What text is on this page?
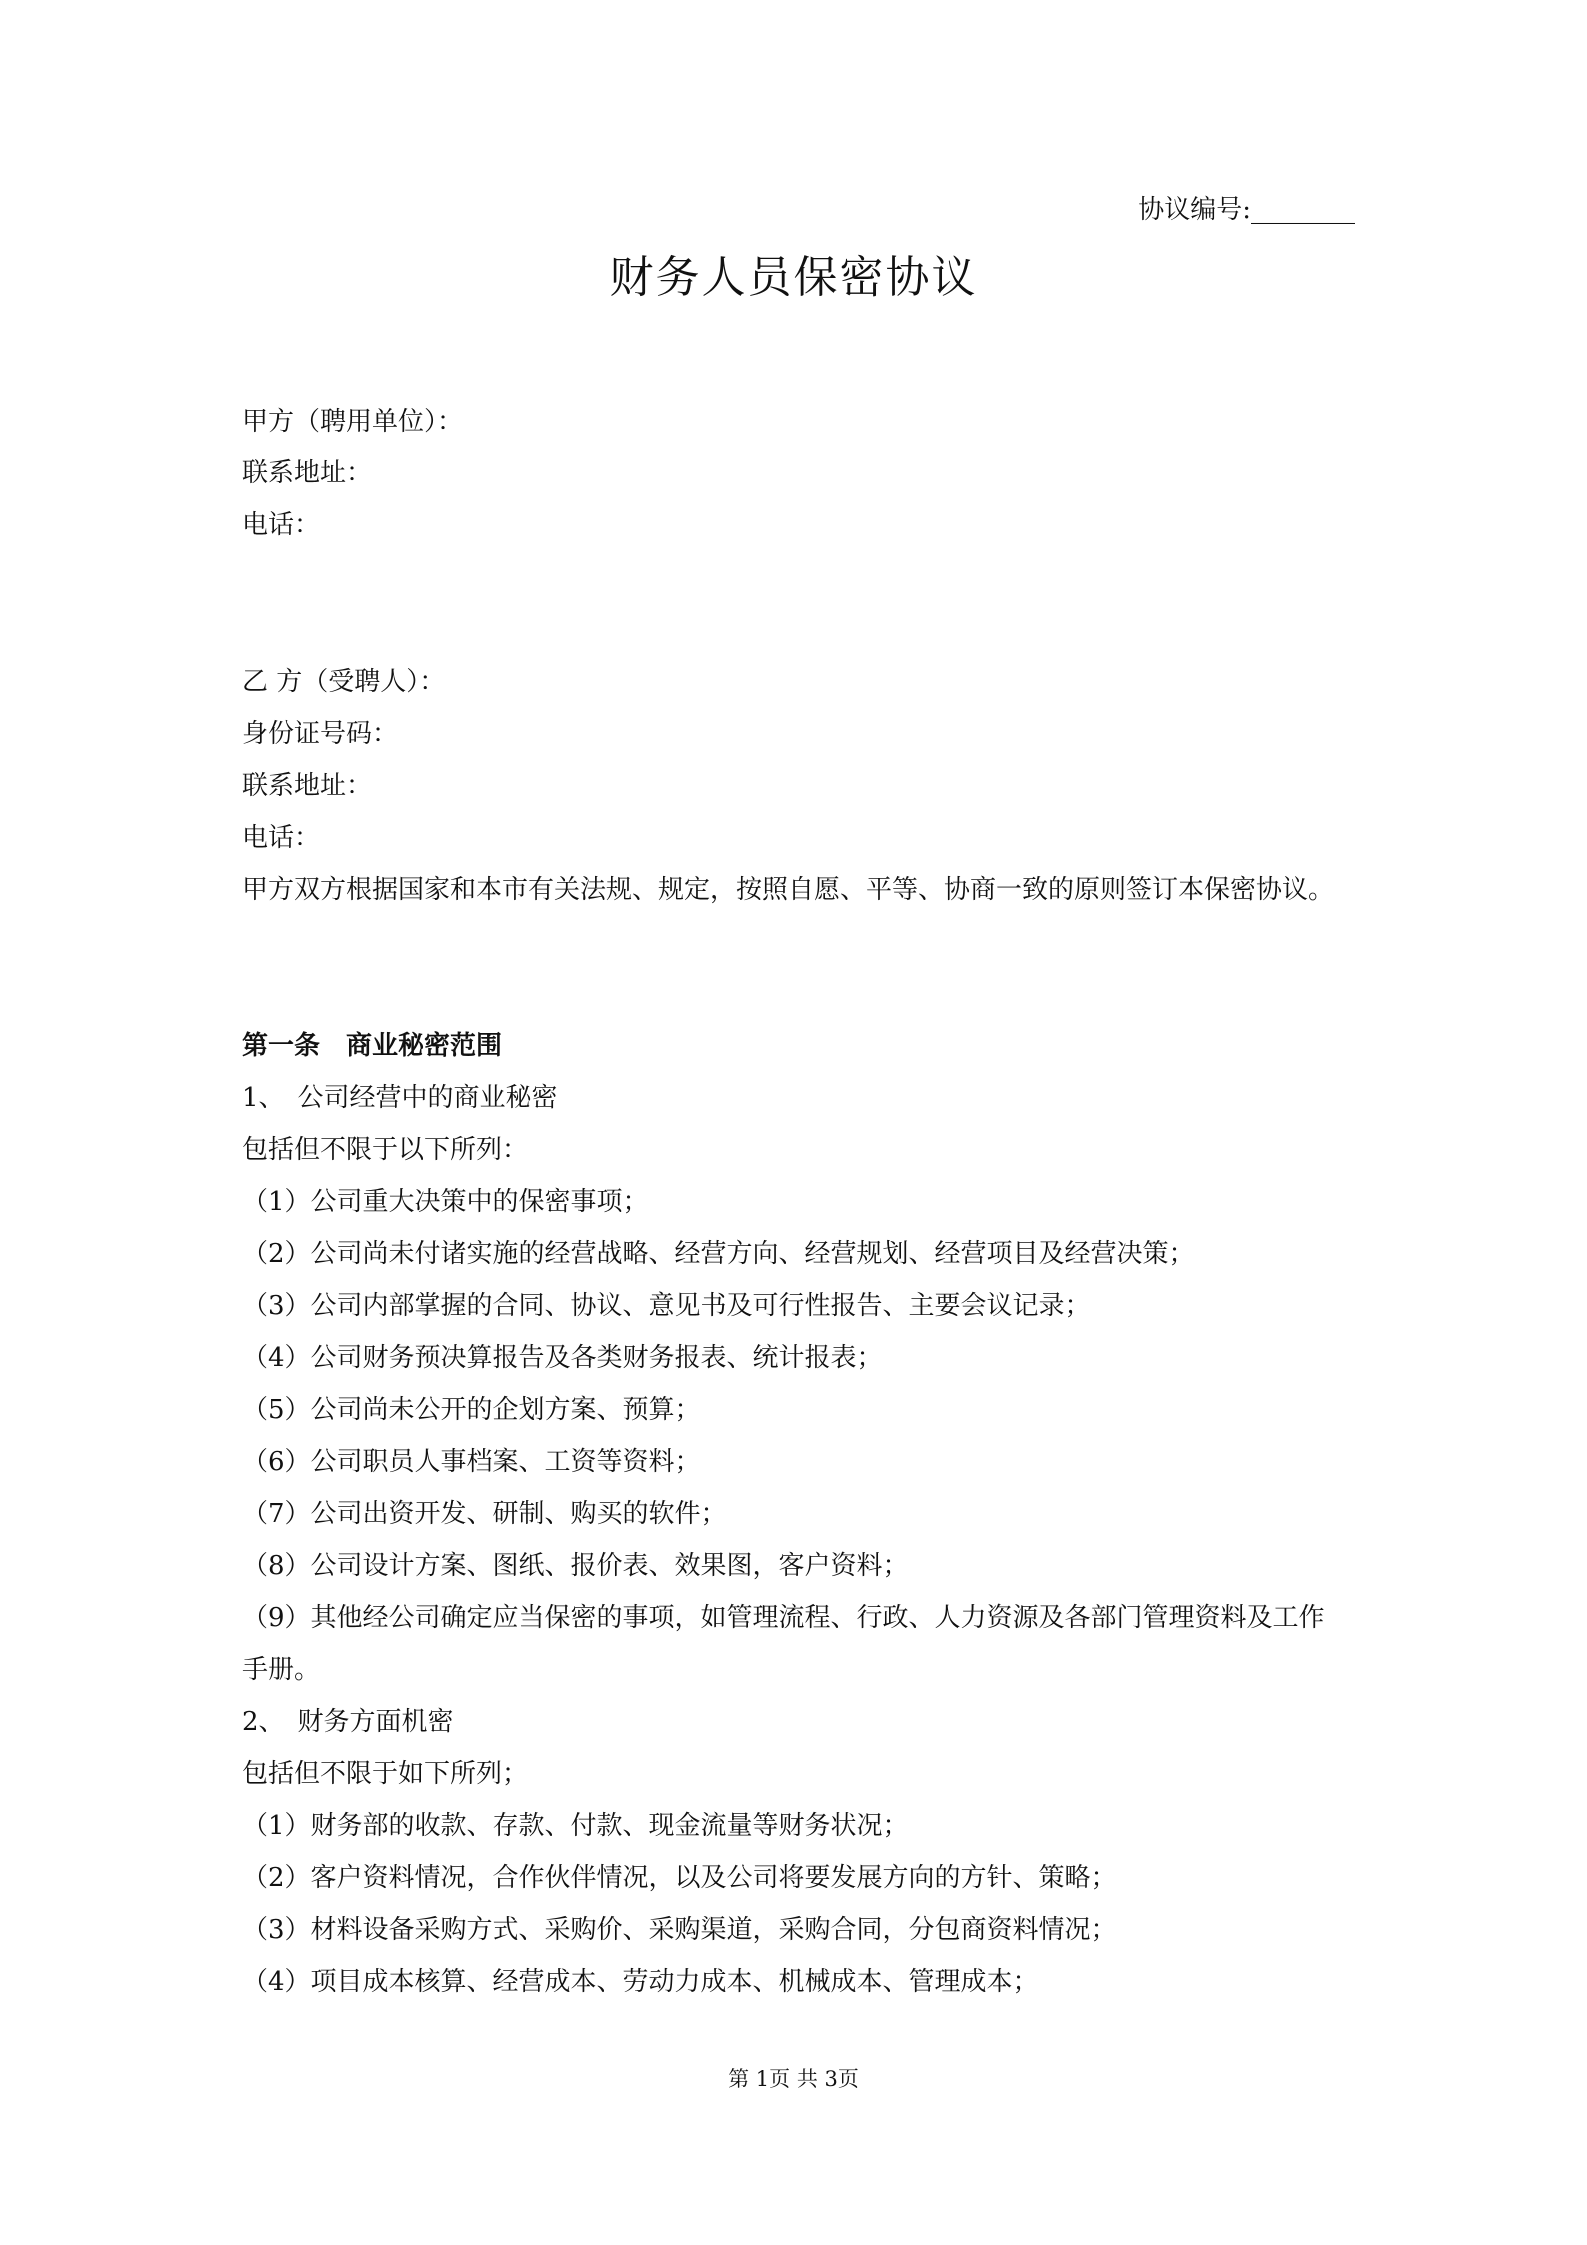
协议编号:________
财务人员保密协议
甲方（聘用单位）：
联系地址：
电话：
乙 方（受聘人）：
身份证号码：
联系地址：
电话：
甲方双方根据国家和本市有关法规、规定，按照自愿、平等、协商一致的原则签订本保密协议。
第一条　商业秘密范围
1、　公司经营中的商业秘密
包括但不限于以下所列：
（1）公司重大决策中的保密事项；
（2）公司尚未付诸实施的经营战略、经营方向、经营规划、经营项目及经营决策；
（3）公司内部掌握的合同、协议、意见书及可行性报告、主要会议记录；
（4）公司财务预决算报告及各类财务报表、统计报表；
（5）公司尚未公开的企划方案、预算；
（6）公司职员人事档案、工资等资料；
（7）公司出资开发、研制、购买的软件；
（8）公司设计方案、图纸、报价表、效果图，客户资料；
（9）其他经公司确定应当保密的事项，如管理流程、行政、人力资源及各部门管理资料及工作
手册。
2、　财务方面机密
包括但不限于如下所列；
（1）财务部的收款、存款、付款、现金流量等财务状况；
（2）客户资料情况，合作伙伴情况，以及公司将要发展方向的方针、策略；
（3）材料设备采购方式、采购价、采购渠道，采购合同，分包商资料情况；
（4）项目成本核算、经营成本、劳动力成本、机械成本、管理成本；
第 1页 共 3页
